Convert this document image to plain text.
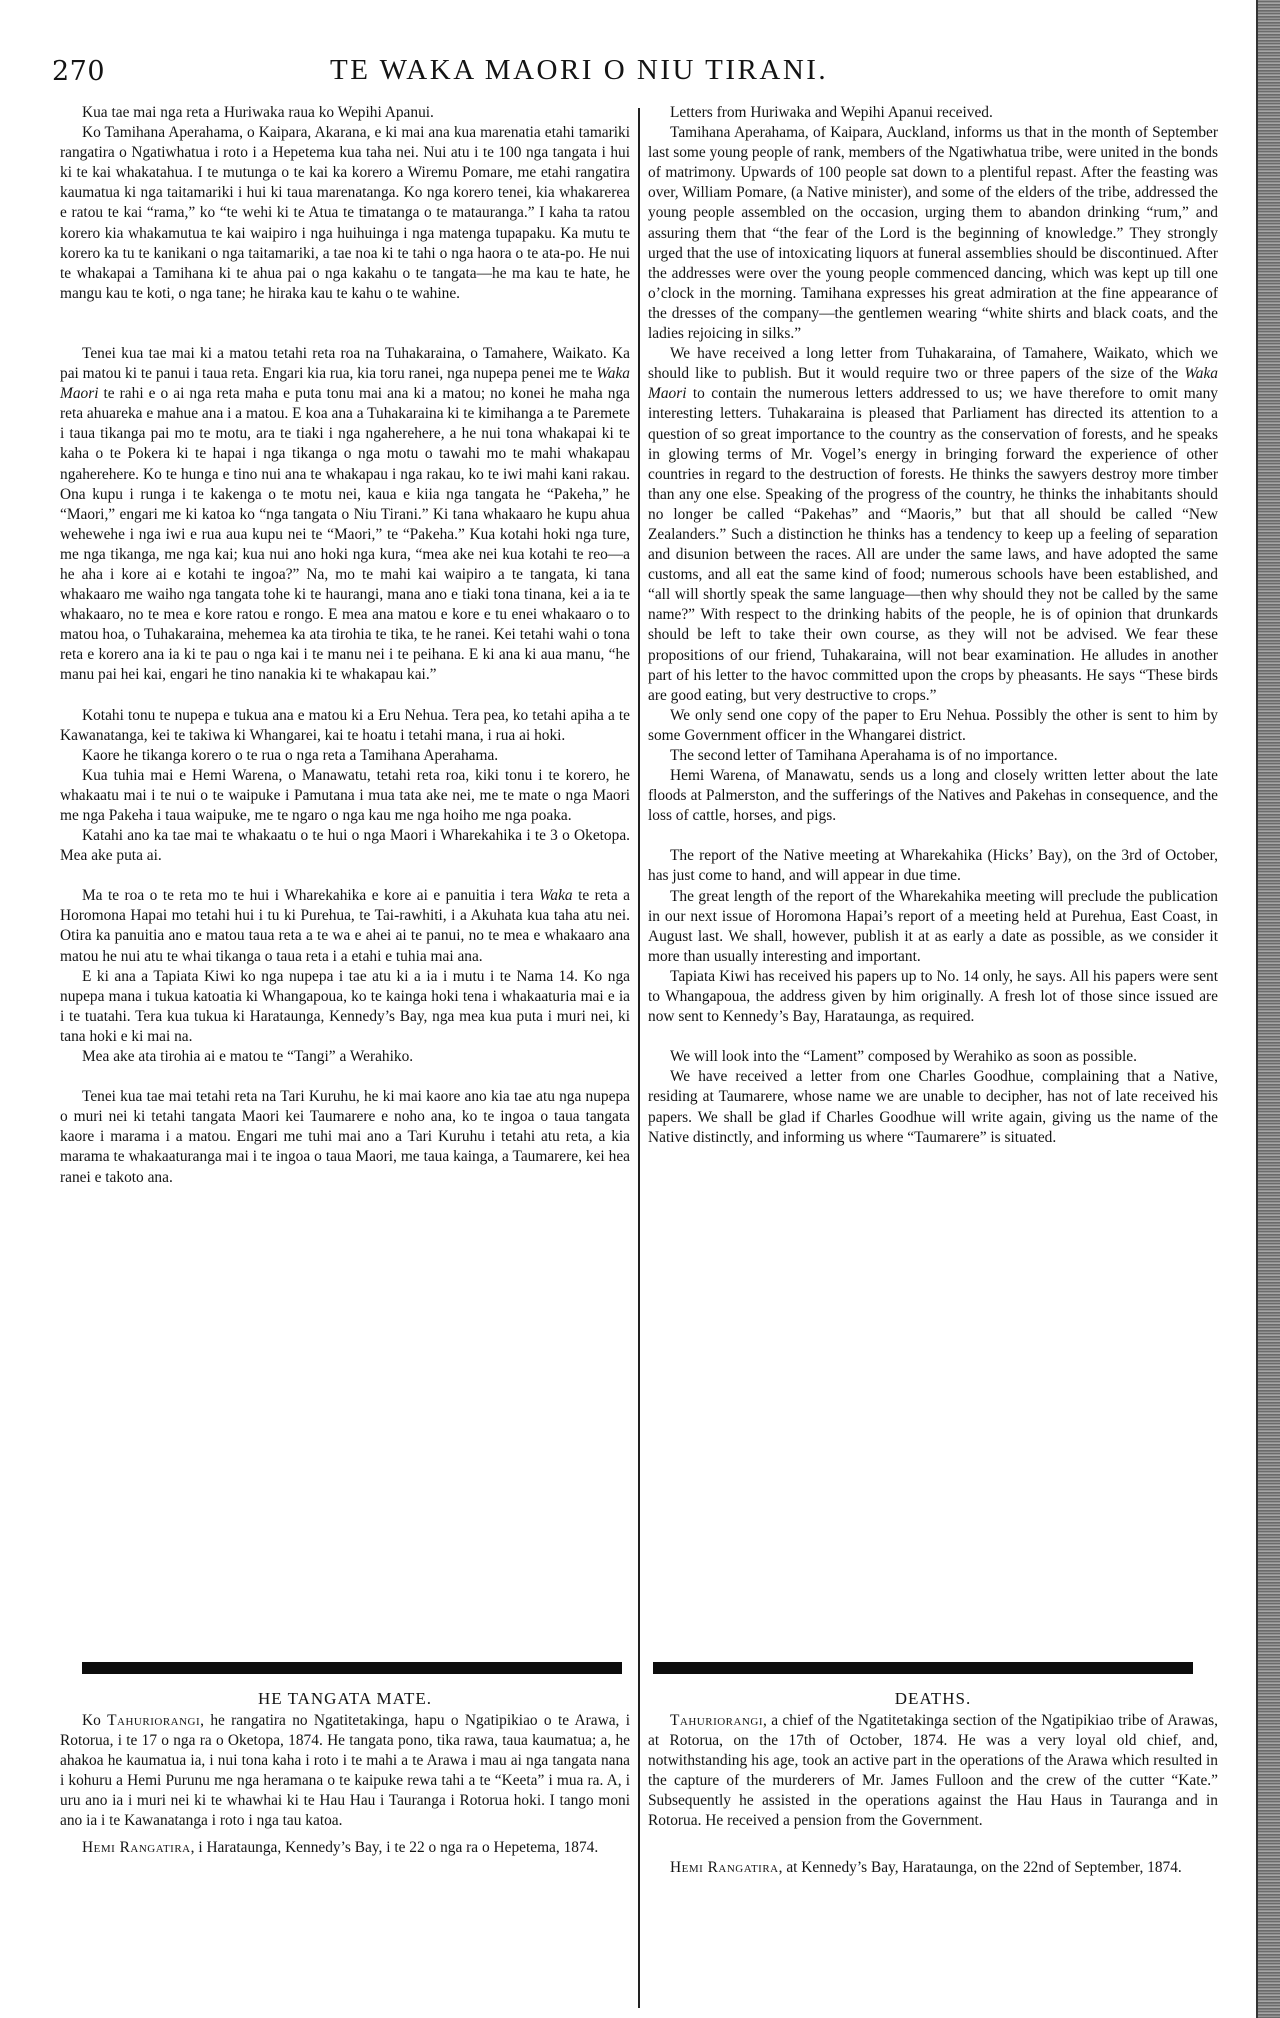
270	TE WAKA MAORI O NIU TIRANI.

Kua tae mai nga reta a Huriwaka raua ko Wepihi Apanui.

Ko Tamihana Aperahama, o Kaipara, Akarana, e ki mai ana kua marenatia etahi tamariki rangatira o Ngatiwhatua i roto i a Hepetema kua taha nei. Nui atu i te 100 nga tangata i hui ki te kai whakatahua. I te mutunga o te kai ka korero a Wiremu Pomare, me etahi rangatira kaumatua ki nga taitamariki i hui ki taua marenatanga. Ko nga korero tenei, kia whakarerea e ratou te kai “rama,” ko “te wehi ki te Atua te timatanga o te matauranga.” I kaha ta ratou korero kia whakamutua te kai waipiro i nga huihuinga i nga matenga tupapaku. Ka mutu te korero ka tu te kanikani o nga taitamariki, a tae noa ki te tahi o nga haora o te ata-po. He nui te whakapai a Tamihana ki te ahua pai o nga kakahu o te tangata—he ma kau te hate, he mangu kau te koti, o nga tane; he hiraka kau te kahu o te wahine.

Tenei kua tae mai ki a matou tetahi reta roa na Tuhakaraina, o Tamahere, Waikato. Ka pai matou ki te panui i taua reta. Engari kia rua, kia toru ranei, nga nupepa penei me te Waka Maori te rahi e o ai nga reta maha e puta tonu mai ana ki a matou; no konei he maha nga reta ahuareka e mahue ana i a matou. E koa ana a Tuhakaraina ki te kimihanga a te Paremete i taua tikanga pai mo te motu, ara te tiaki i nga ngaherehere, a he nui tona whakapai ki te kaha o te Pokera ki te hapai i nga tikanga o nga motu o tawahi mo te mahi whakapau ngaherehere. Ko te hunga e tino nui ana te whakapau i nga rakau, ko te iwi mahi kani rakau. Ona kupu i runga i te kakenga o te motu nei, kaua e kiia nga tangata he “Pakeha,” he “Maori,” engari me ki katoa ko “nga tangata o Niu Tirani.” Ki tana whakaaro he kupu ahua wehewehe i nga iwi e rua aua kupu nei te “Maori,” te “Pakeha.” Kua kotahi hoki nga ture, me nga tikanga, me nga kai; kua nui ano hoki nga kura, “mea ake nei kua kotahi te reo—a he aha i kore ai e kotahi te ingoa?” Na, mo te mahi kai waipiro a te tangata, ki tana whakaaro me waiho nga tangata tohe ki te haurangi, mana ano e tiaki tona tinana, kei a ia te whakaaro, no te mea e kore ratou e rongo. E mea ana matou e kore e tu enei whakaaro o to matou hoa, o Tuhakaraina, mehemea ka ata tirohia te tika, te he ranei. Kei tetahi wahi o tona reta e korero ana ia ki te pau o nga kai i te manu nei i te peihana. E ki ana ki aua manu, “he manu pai hei kai, engari he tino nanakia ki te whakapau kai.”

Kotahi tonu te nupepa e tukua ana e matou ki a Eru Nehua. Tera pea, ko tetahi apiha a te Kawanatanga, kei te takiwa ki Whangarei, kai te hoatu i tetahi mana, i rua ai hoki.

Kaore he tikanga korero o te rua o nga reta a Tamihana Aperahama.

Kua tuhia mai e Hemi Warena, o Manawatu, tetahi reta roa, kiki tonu i te korero, he whakaatu mai i te nui o te waipuke i Pamutana i mua tata ake nei, me te mate o nga Maori me nga Pakeha i taua waipuke, me te ngaro o nga kau me nga hoiho me nga poaka.

Katahi ano ka tae mai te whakaatu o te hui o nga Maori i Wharekahika i te 3 o Oketopa. Mea ake puta ai.

Ma te roa o te reta mo te hui i Wharekahika e kore ai e panuitia i tera Waka te reta a Horomona Hapai mo tetahi hui i tu ki Purehua, te Tai-rawhiti, i a Akuhata kua taha atu nei. Otira ka panuitia ano e matou taua reta a te wa e ahei ai te panui, no te mea e whakaaro ana matou he nui atu te whai tikanga o taua reta i a etahi e tuhia mai ana.

E ki ana a Tapiata Kiwi ko nga nupepa i tae atu ki a ia i mutu i te Nama 14. Ko nga nupepa mana i tukua katoatia ki Whangapoua, ko te kainga hoki tena i whakaaturia mai e ia i te tuatahi. Tera kua tukua ki Harataunga, Kennedy’s Bay, nga mea kua puta i muri nei, ki tana hoki e ki mai na.

Mea ake ata tirohia ai e matou te “Tangi” a Werahiko.

Tenei kua tae mai tetahi reta na Tari Kuruhu, he ki mai kaore ano kia tae atu nga nupepa o muri nei ki tetahi tangata Maori kei Taumarere e noho ana, ko te ingoa o taua tangata kaore i marama i a matou. Engari me tuhi mai ano a Tari Kuruhu i tetahi atu reta, a kia marama te whakaaturanga mai i te ingoa o taua Maori, me taua kainga, a Taumarere, kei hea ranei e takoto ana.

Letters from Huriwaka and Wepihi Apanui received.

Tamihana Aperahama, of Kaipara, Auckland, informs us that in the month of September last some young people of rank, members of the Ngatiwhatua tribe, were united in the bonds of matrimony. Upwards of 100 people sat down to a plentiful repast. After the feasting was over, William Pomare, (a Native minister), and some of the elders of the tribe, addressed the young people assembled on the occasion, urging them to abandon drinking “rum,” and assuring them that “the fear of the Lord is the beginning of knowledge.” They strongly urged that the use of intoxicating liquors at funeral assemblies should be discontinued. After the addresses were over the young people commenced dancing, which was kept up till one o’clock in the morning. Tamihana expresses his great admiration at the fine appearance of the dresses of the company—the gentlemen wearing “white shirts and black coats, and the ladies rejoicing in silks.”

We have received a long letter from Tuhakaraina, of Tamahere, Waikato, which we should like to publish. But it would require two or three papers of the size of the Waka Maori to contain the numerous letters addressed to us; we have therefore to omit many interesting letters. Tuhakaraina is pleased that Parliament has directed its attention to a question of so great importance to the country as the conservation of forests, and he speaks in glowing terms of Mr. Vogel’s energy in bringing forward the experience of other countries in regard to the destruction of forests. He thinks the sawyers destroy more timber than any one else. Speaking of the progress of the country, he thinks the inhabitants should no longer be called “Pakehas” and “Maoris,” but that all should be called “New Zealanders.” Such a distinction he thinks has a tendency to keep up a feeling of separation and disunion between the races. All are under the same laws, and have adopted the same customs, and all eat the same kind of food; numerous schools have been established, and “all will shortly speak the same language—then why should they not be called by the same name?” With respect to the drinking habits of the people, he is of opinion that drunkards should be left to take their own course, as they will not be advised. We fear these propositions of our friend, Tuhakaraina, will not bear examination. He alludes in another part of his letter to the havoc committed upon the crops by pheasants. He says “These birds are good eating, but very destructive to crops.”

We only send one copy of the paper to Eru Nehua. Possibly the other is sent to him by some Government officer in the Whangarei district.

The second letter of Tamihana Aperahama is of no importance.

Hemi Warena, of Manawatu, sends us a long and closely written letter about the late floods at Palmerston, and the sufferings of the Natives and Pakehas in consequence, and the loss of cattle, horses, and pigs.

The report of the Native meeting at Wharekahika (Hicks’ Bay), on the 3rd of October, has just come to hand, and will appear in due time.

The great length of the report of the Wharekahika meeting will preclude the publication in our next issue of Horomona Hapai’s report of a meeting held at Purehua, East Coast, in August last. We shall, however, publish it at as early a date as possible, as we consider it more than usually interesting and important.

Tapiata Kiwi has received his papers up to No. 14 only, he says. All his papers were sent to Whangapoua, the address given by him originally. A fresh lot of those since issued are now sent to Kennedy’s Bay, Harataunga, as required.

We will look into the “Lament” composed by Werahiko as soon as possible.

We have received a letter from one Charles Goodhue, complaining that a Native, residing at Taumarere, whose name we are unable to decipher, has not of late received his papers. We shall be glad if Charles Goodhue will write again, giving us the name of the Native distinctly, and informing us where “Taumarere” is situated.

HE TANGATA MATE.	DEATHS.

Ko Tahuriorangi, he rangatira no Ngatitetakinga, hapu o Ngatipikiao o te Arawa, i Rotorua, i te 17 o nga ra o Oketopa, 1874. He tangata pono, tika rawa, taua kaumatua; a, he ahakoa he kaumatua ia, i nui tona kaha i roto i te mahi a te Arawa i mau ai nga tangata nana i kohuru a Hemi Purunu me nga heramana o te kaipuke rewa tahi a te “Keeta” i mua ra. A, i uru ano ia i muri nei ki te whawhai ki te Hau Hau i Tauranga i Rotorua hoki. I tango moni ano ia i te Kawanatanga i roto i nga tau katoa.

Hemi Rangatira, i Harataunga, Kennedy’s Bay, i te 22 o nga ra o Hepetema, 1874.

Tahuriorangi, a chief of the Ngatitetakinga section of the Ngatipikiao tribe of Arawas, at Rotorua, on the 17th of October, 1874. He was a very loyal old chief, and, notwithstanding his age, took an active part in the operations of the Arawa which resulted in the capture of the murderers of Mr. James Fulloon and the crew of the cutter “Kate.” Subsequently he assisted in the operations against the Hau Haus in Tauranga and in Rotorua. He received a pension from the Government.

Hemi Rangatira, at Kennedy’s Bay, Harataunga, on the 22nd of September, 1874.
